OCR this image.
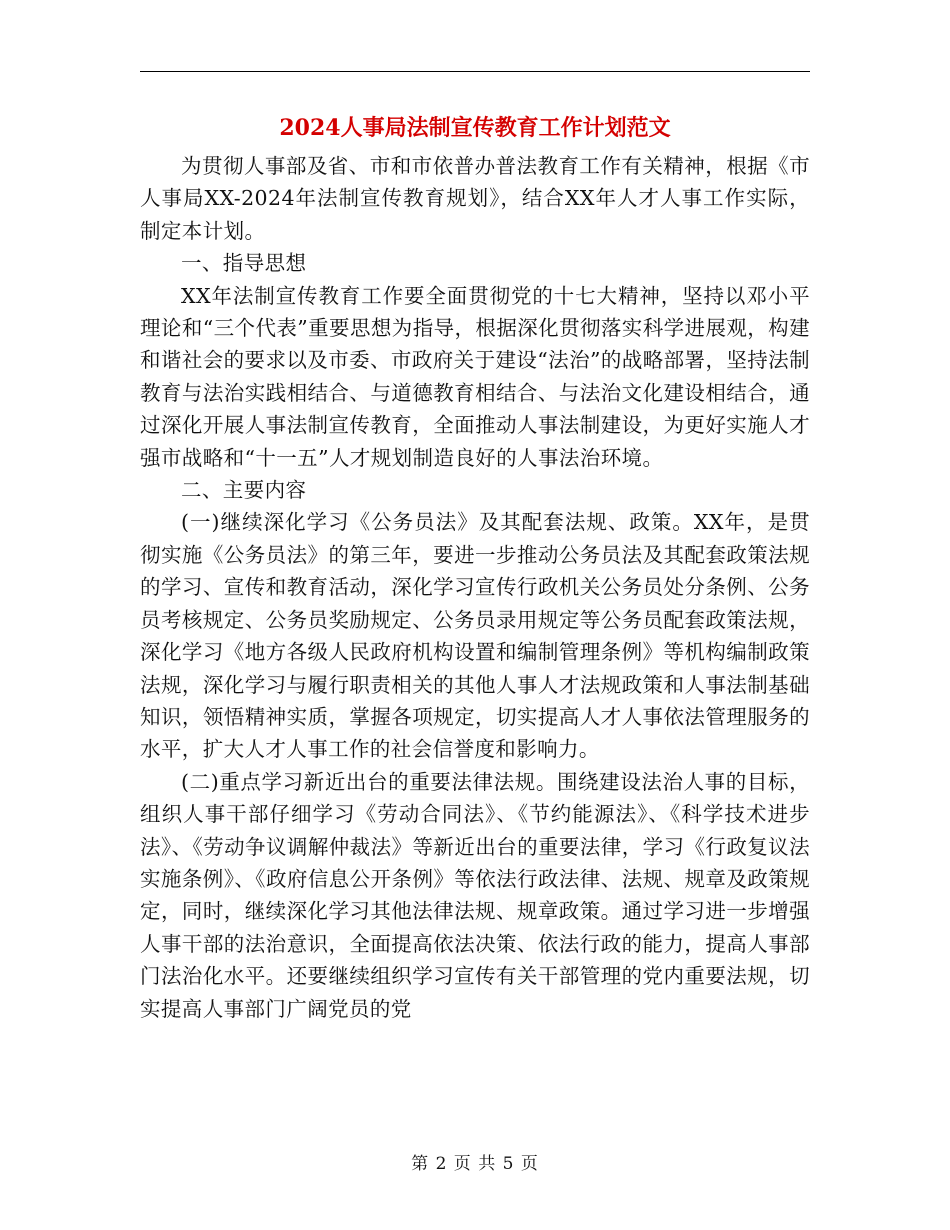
2024人事局法制宣传教育工作计划范文

为贯彻人事部及省、市和市依普办普法教育工作有关精神，根据《市人事局XX-2024年法制宣传教育规划》，结合XX年人才人事工作实际，制定本计划。

一、指导思想

XX年法制宣传教育工作要全面贯彻党的十七大精神，坚持以邓小平理论和“三个代表”重要思想为指导，根据深化贯彻落实科学进展观，构建和谐社会的要求以及市委、市政府关于建设“法治”的战略部署，坚持法制教育与法治实践相结合、与道德教育相结合、与法治文化建设相结合，通过深化开展人事法制宣传教育，全面推动人事法制建设，为更好实施人才强市战略和“十一五”人才规划制造良好的人事法治环境。

二、主要内容

(一)继续深化学习《公务员法》及其配套法规、政策。XX年，是贯彻实施《公务员法》的第三年，要进一步推动公务员法及其配套政策法规的学习、宣传和教育活动，深化学习宣传行政机关公务员处分条例、公务员考核规定、公务员奖励规定、公务员录用规定等公务员配套政策法规，深化学习《地方各级人民政府机构设置和编制管理条例》等机构编制政策法规，深化学习与履行职责相关的其他人事人才法规政策和人事法制基础知识，领悟精神实质，掌握各项规定，切实提高人才人事依法管理服务的水平，扩大人才人事工作的社会信誉度和影响力。

(二)重点学习新近出台的重要法律法规。围绕建设法治人事的目标，组织人事干部仔细学习《劳动合同法》、《节约能源法》、《科学技术进步法》、《劳动争议调解仲裁法》等新近出台的重要法律，学习《行政复议法实施条例》、《政府信息公开条例》等依法行政法律、法规、规章及政策规定，同时，继续深化学习其他法律法规、规章政策。通过学习进一步增强人事干部的法治意识，全面提高依法决策、依法行政的能力，提高人事部门法治化水平。还要继续组织学习宣传有关干部管理的党内重要法规，切实提高人事部门广阔党员的党

第 2 页 共 5 页
